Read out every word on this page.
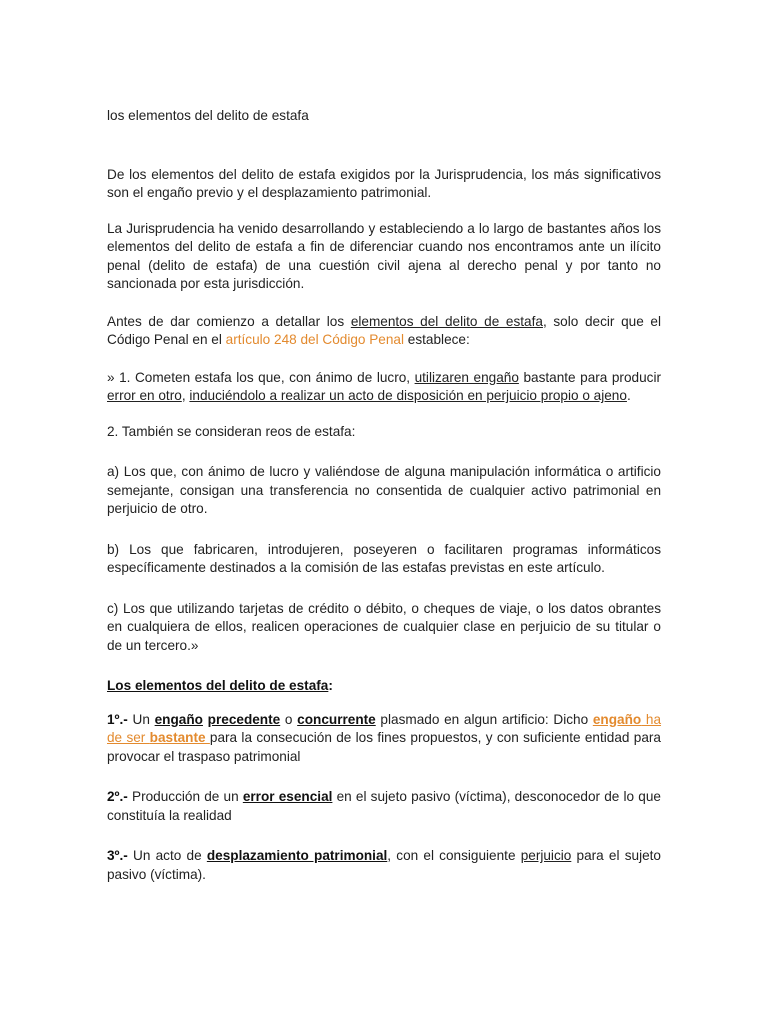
los elementos del delito de estafa

De los elementos del delito de estafa exigidos por la Jurisprudencia, los más significativos son el engaño previo y el desplazamiento patrimonial.

La Jurisprudencia ha venido desarrollando y estableciendo a lo largo de bastantes años los elementos del delito de estafa a fin de diferenciar cuando nos encontramos ante un ilícito penal (delito de estafa) de una cuestión civil ajena al derecho penal y por tanto no sancionada por esta jurisdicción.

Antes de dar comienzo a detallar los elementos del delito de estafa, solo decir que el Código Penal en el artículo 248 del Código Penal establece:

» 1. Cometen estafa los que, con ánimo de lucro, utilizaren engaño bastante para producir error en otro, induciéndolo a realizar un acto de disposición en perjuicio propio o ajeno.

2. También se consideran reos de estafa:

a) Los que, con ánimo de lucro y valiéndose de alguna manipulación informática o artificio semejante, consigan una transferencia no consentida de cualquier activo patrimonial en perjuicio de otro.

b) Los que fabricaren, introdujeren, poseyeren o facilitaren programas informáticos específicamente destinados a la comisión de las estafas previstas en este artículo.

c) Los que utilizando tarjetas de crédito o débito, o cheques de viaje, o los datos obrantes en cualquiera de ellos, realicen operaciones de cualquier clase en perjuicio de su titular o de un tercero.»

Los elementos del delito de estafa:

1º.- Un engaño precedente o concurrente plasmado en algun artificio: Dicho engaño ha de ser bastante para la consecución de los fines propuestos, y con suficiente entidad para provocar el traspaso patrimonial

2º.- Producción de un error esencial en el sujeto pasivo (víctima), desconocedor de lo que constituía la realidad

3º.- Un acto de desplazamiento patrimonial, con el consiguiente perjuicio para el sujeto pasivo (víctima).
